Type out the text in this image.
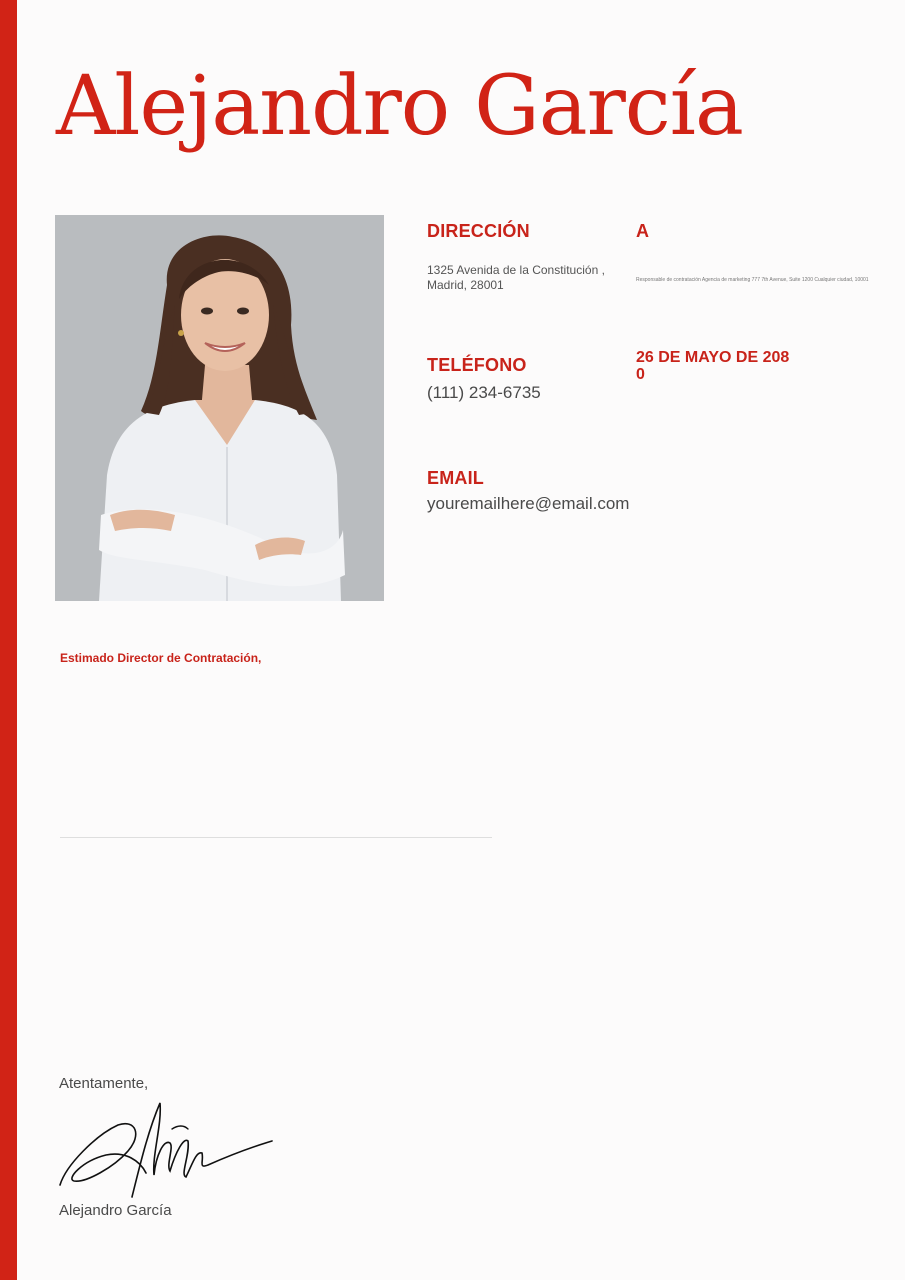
Alejandro García
DIRECCIÓN
1325 Avenida de la Constitución , Madrid, 28001
A
Responsable de contratación Agencia de marketing 777 7th Avenue, Suite 1200 Cualquier ciudad, 10001
TELÉFONO
(111) 234-6735
26 DE MAYO DE 2080
EMAIL
youremailhere@email.com
Estimado Director de Contratación,
Atentamente,
Alejandro García
